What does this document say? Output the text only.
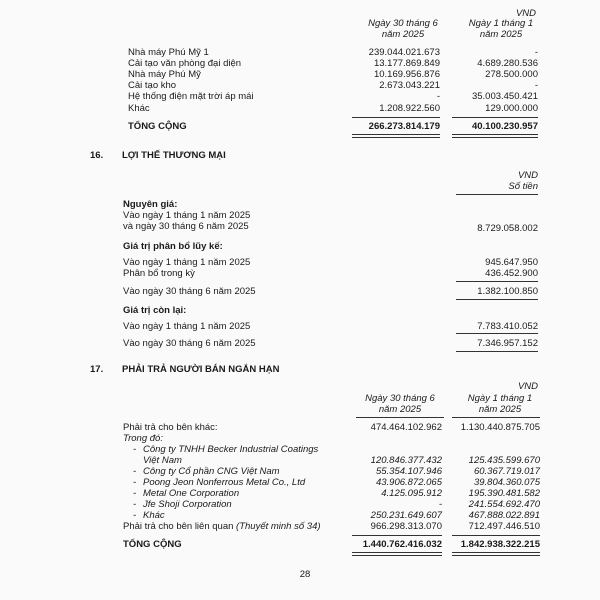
VND
Ngày 30 tháng 6
năm 2025
Ngày 1 tháng 1
năm 2025
Nhà máy Phú Mỹ 1	239.044.021.673	-
Cải tạo văn phòng đại diện	13.177.869.849	4.689.280.536
Nhà máy Phú Mỹ	10.169.956.876	278.500.000
Cải tạo kho	2.673.043.221	-
Hệ thống điện mặt trời áp mái	-	35.003.450.421
Khác	1.208.922.560	129.000.000
TỔNG CỘNG	266.273.814.179	40.100.230.957
16. LỢI THẾ THƯƠNG MẠI
VND
Số tiền
Nguyên giá:
Vào ngày 1 tháng 1 năm 2025
và ngày 30 tháng 6 năm 2025	8.729.058.002
Giá trị phân bổ lũy kế:
Vào ngày 1 tháng 1 năm 2025	945.647.950
Phân bổ trong kỳ	436.452.900
Vào ngày 30 tháng 6 năm 2025	1.382.100.850
Giá trị còn lại:
Vào ngày 1 tháng 1 năm 2025	7.783.410.052
Vào ngày 30 tháng 6 năm 2025	7.346.957.152
17. PHẢI TRẢ NGƯỜI BÁN NGẮN HẠN
VND
Ngày 30 tháng 6
năm 2025
Ngày 1 tháng 1
năm 2025
Phải trả cho bên khác:	474.464.102.962	1.130.440.875.705
Trong đó:
- Công ty TNHH Becker Industrial Coatings
Việt Nam	120.846.377.432	125.435.599.670
- Công ty Cổ phần CNG Việt Nam	55.354.107.946	60.367.719.017
- Poong Jeon Nonferrous Metal Co., Ltd	43.906.872.065	39.804.360.075
- Metal One Corporation	4.125.095.912	195.390.481.582
- Jfe Shoji Corporation	-	241.554.692.470
- Khác	250.231.649.607	467.888.022.891
Phải trả cho bên liên quan (Thuyết minh số 34)	966.298.313.070	712.497.446.510
TỔNG CỘNG	1.440.762.416.032	1.842.938.322.215
28
